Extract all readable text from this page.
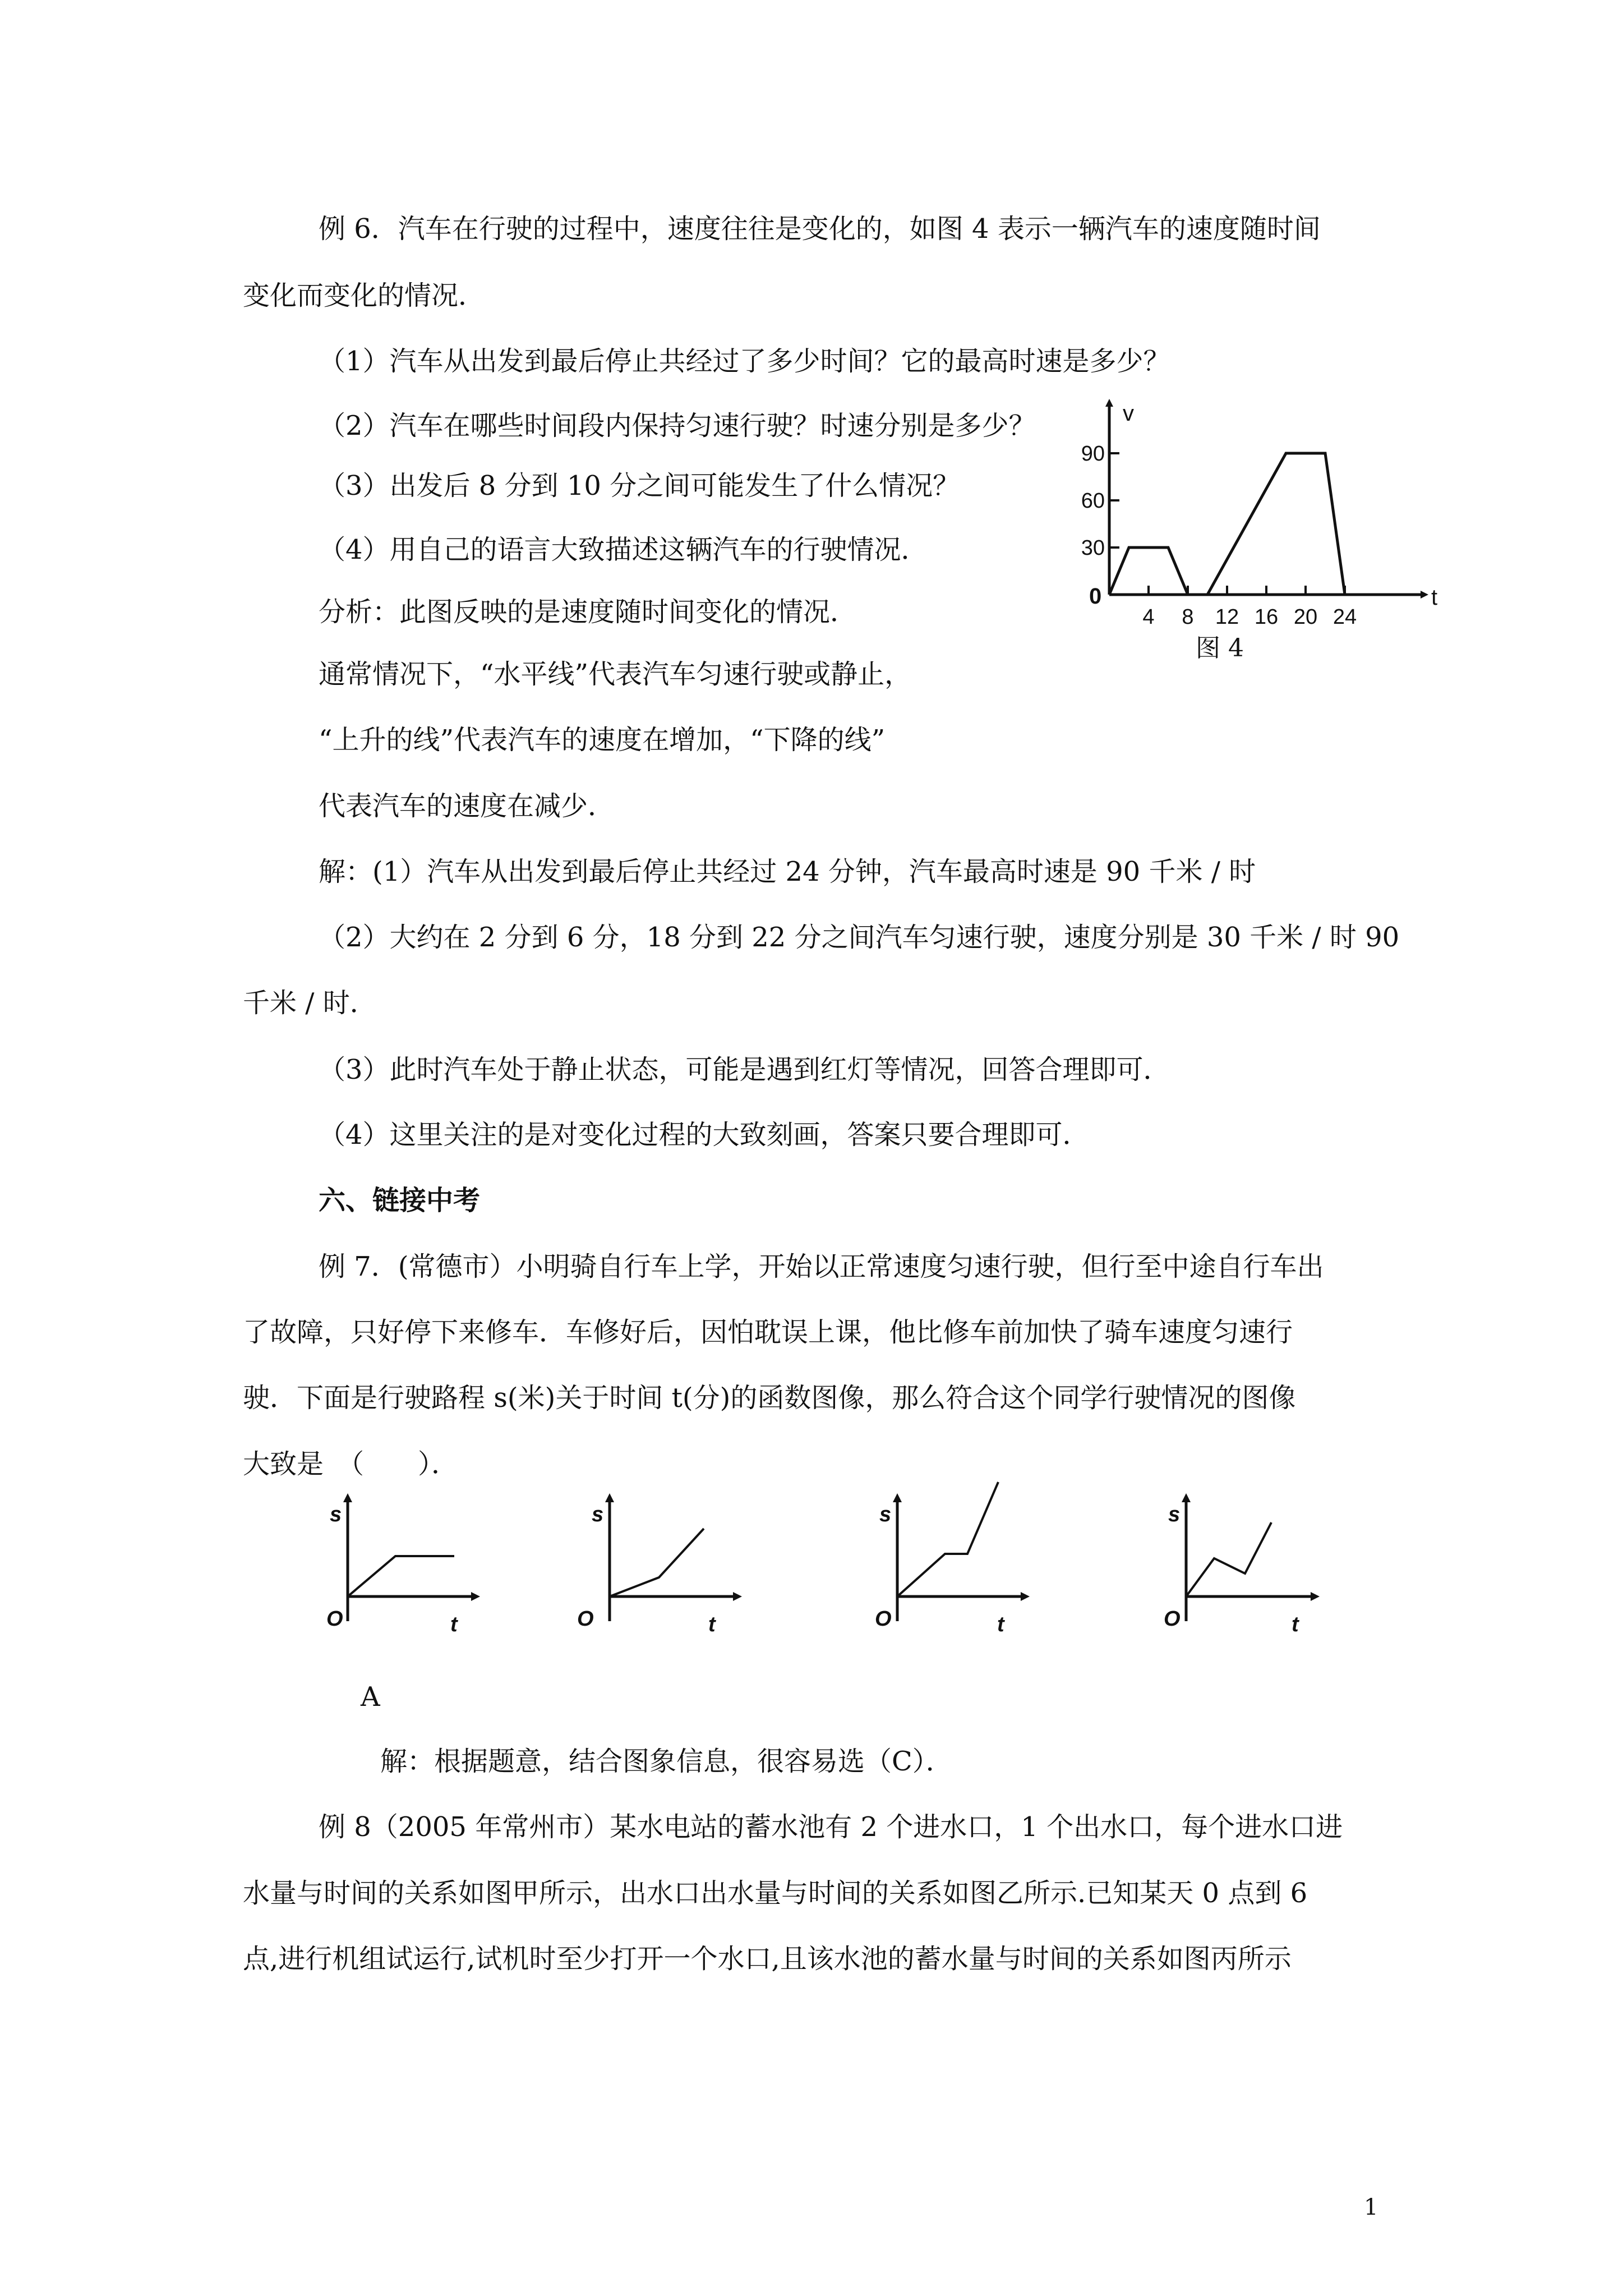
例 6．汽车在行驶的过程中，速度往往是变化的，如图 4 表示一辆汽车的速度随时间
变化而变化的情况．
（1）汽车从出发到最后停止共经过了多少时间？它的最高时速是多少？
（2）汽车在哪些时间段内保持匀速行驶？时速分别是多少？
（3）出发后 8 分到 10 分之间可能发生了什么情况？
（4）用自己的语言大致描述这辆汽车的行驶情况．
分析：此图反映的是速度随时间变化的情况．
通常情况下，“水平线”代表汽车匀速行驶或静止，
“上升的线”代表汽车的速度在增加，“下降的线”
代表汽车的速度在减少．
解：(1）汽车从出发到最后停止共经过 24 分钟，汽车最高时速是 90 千米 / 时
（2）大约在 2 分到 6 分，18 分到 22 分之间汽车匀速行驶，速度分别是 30 千米 / 时 90
千米 / 时．
（3）此时汽车处于静止状态，可能是遇到红灯等情况，回答合理即可．
（4）这里关注的是对变化过程的大致刻画，答案只要合理即可．
30
60
90
4 8 12 16 20 24
v
t
0
图 4
六、链接中考
例 7．(常德市）小明骑自行车上学，开始以正常速度匀速行驶，但行至中途自行车出
了故障，只好停下来修车．车修好后，因怕耽误上课，他比修车前加快了骑车速度匀速行
驶．下面是行驶路程 s(米)关于时间 t(分)的函数图像，那么符合这个同学行驶情况的图像
大致是　（　　）．
s
O	t
s
O	t
s
O	t
s
O	t
A
解：根据题意，结合图象信息，很容易选（C）．
例 8（2005 年常州市）某水电站的蓄水池有 2 个进水口，1 个出水口，每个进水口进
水量与时间的关系如图甲所示，出水口出水量与时间的关系如图乙所示.已知某天 0 点到 6
点,进行机组试运行,试机时至少打开一个水口,且该水池的蓄水量与时间的关系如图丙所示
1
